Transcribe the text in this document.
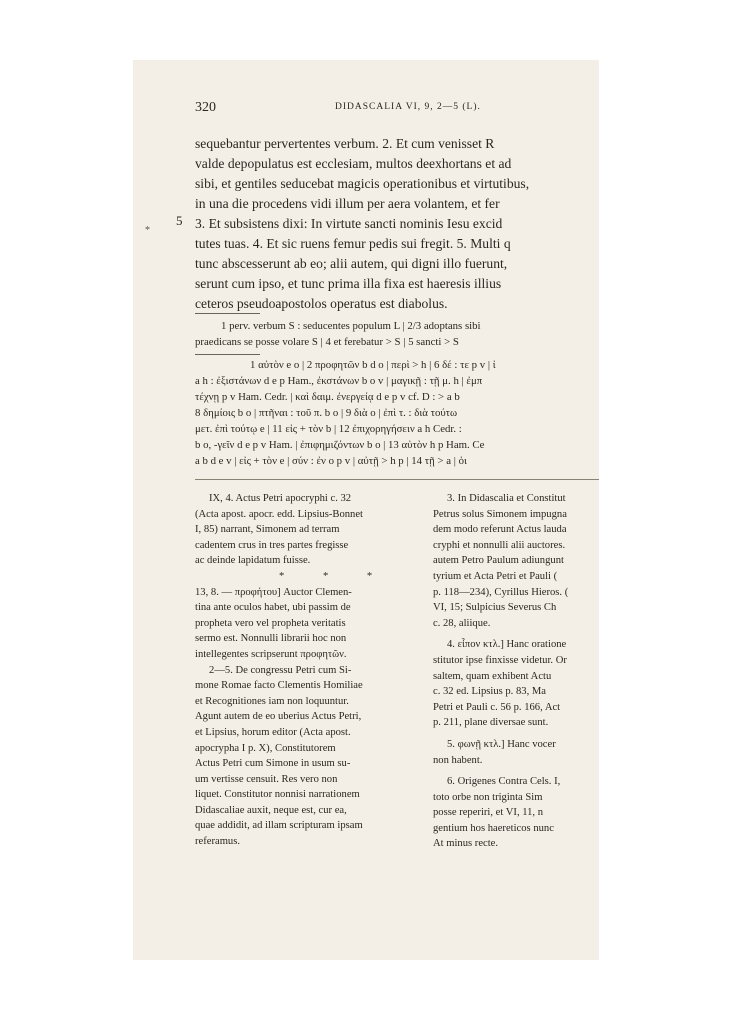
320	DIDASCALIA VI, 9, 2—5 (L).
*
5
sequebantur pervertentes verbum. 2. Et cum venisset R
valde depopulatus est ecclesiam, multos deexhortans et ad
sibi, et gentiles seducebat magicis operationibus et virtutibus,
in una die procedens vidi illum per aera volantem, et fer
3. Et subsistens dixi: In virtute sancti nominis Iesu excid
tutes tuas. 4. Et sic ruens femur pedis sui fregit. 5. Multi q
tunc abscesserunt ab eo; alii autem, qui digni illo fuerunt,
serunt cum ipso, et tunc prima illa fixa est haeresis illius
ceteros pseudoapostolos operatus est diabolus.
1 perv. verbum S : seducentes populum L | 2/3 adoptans sibi
praedicans se posse volare S | 4 et ferebatur > S | 5 sancti > S
1 αὐτὸν e o | 2 προφητῶν b d o | περὶ > h | 6 δέ : τε p v | ἰ
a h : ἐξιστάνων d e p Ham., ἐκστάνων b o v | μαγικῇ : τῇ μ. h | ἐμπ
τέχνῃ p v Ham. Cedr. | καὶ δαιμ. ἐνεργείᾳ d e p v cf. D : > a b
8 δημίοις b o | πτῆναι : τοῦ π. b o | 9 διὰ o | ἐπὶ τ. : διὰ τούτω
μετ. ἐπὶ τούτῳ e | 11 εἰς + τὸν b | 12 ἐπιχορηγήσειν a h Cedr. :
b o, -γεῖν d e p v Ham. | ἐπιφημιζόντων b o | 13 αὐτὸν h p Ham. Ce
a b d e v | εἰς + τὸν e | σύν : ἐν o p v | αὐτῇ > h p | 14 τῇ > a | ὁι
IX, 4. Actus Petri apocryphi c. 32
(Acta apost. apocr. edd. Lipsius-Bonnet
I, 85) narrant, Simonem ad terram
cadentem crus in tres partes fregisse
ac deinde lapidatum fuisse.
* * *
13, 8. — προφήτου] Auctor Clemen-
tina ante oculos habet, ubi passim de
propheta vero vel propheta veritatis
sermo est. Nonnulli librarii hoc non
intellegentes scripserunt προφητῶν.
2—5. De congressu Petri cum Si-
mone Romae facto Clementis Homiliae
et Recognitiones iam non loquuntur.
Agunt autem de eo uberius Actus Petri,
et Lipsius, horum editor (Acta apost.
apocrypha I p. X), Constitutorem
Actus Petri cum Simone in usum su-
um vertisse censuit. Res vero non
liquet. Constitutor nonnisi narrationem
Didascaliae auxit, neque est, cur ea,
quae addidit, ad illam scripturam ipsam
referamus.
3. In Didascalia et Constitut
Petrus solus Simonem impugna
dem modo referunt Actus lauda
cryphi et nonnulli alii auctores.
autem Petro Paulum adiungunt
tyrium et Acta Petri et Pauli (
p. 118—234), Cyrillus Hieros. (
VI, 15; Sulpicius Severus Ch
c. 28, aliique.
4. εἶπον κτλ.] Hanc oratione
stitutor ipse finxisse videtur. Or
saltem, quam exhibent Actu
c. 32 ed. Lipsius p. 83, Ma
Petri et Pauli c. 56 p. 166, Act
p. 211, plane diversae sunt.
5. φωνῇ κτλ.] Hanc vocer
non habent.
6. Origenes Contra Cels. I,
toto orbe non triginta Sim
posse reperiri, et VI, 11, n
gentium hos haereticos nunc
At minus recte.
